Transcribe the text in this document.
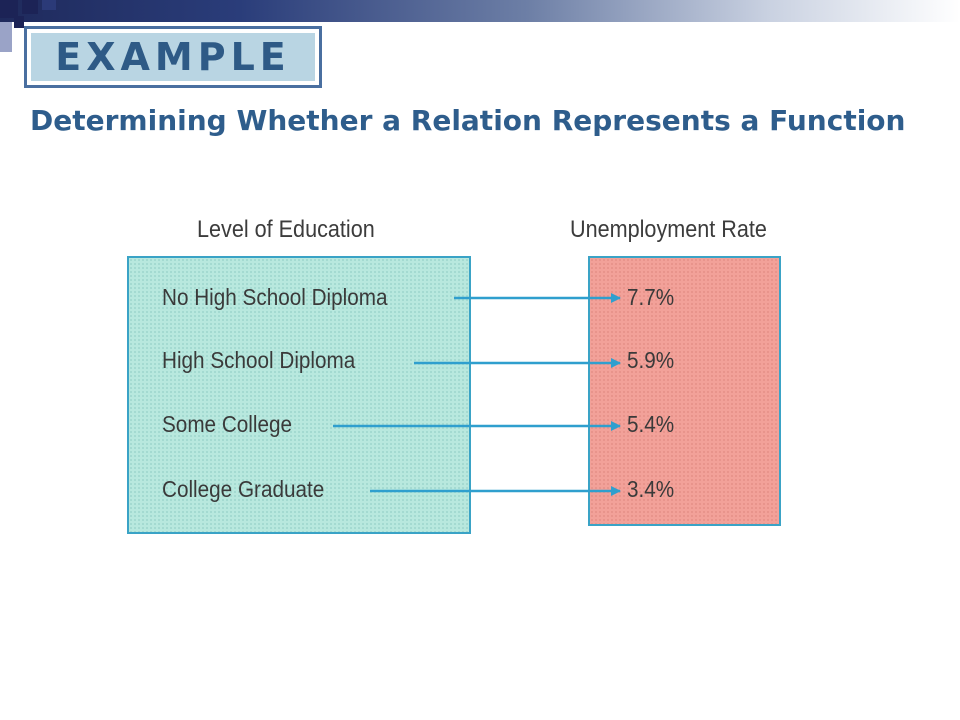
EXAMPLE
Determining Whether a Relation Represents a Function
Level of Education	Unemployment Rate
No High School Diploma
High School Diploma
Some College
College Graduate
7.7%
5.9%
5.4%
3.4%
